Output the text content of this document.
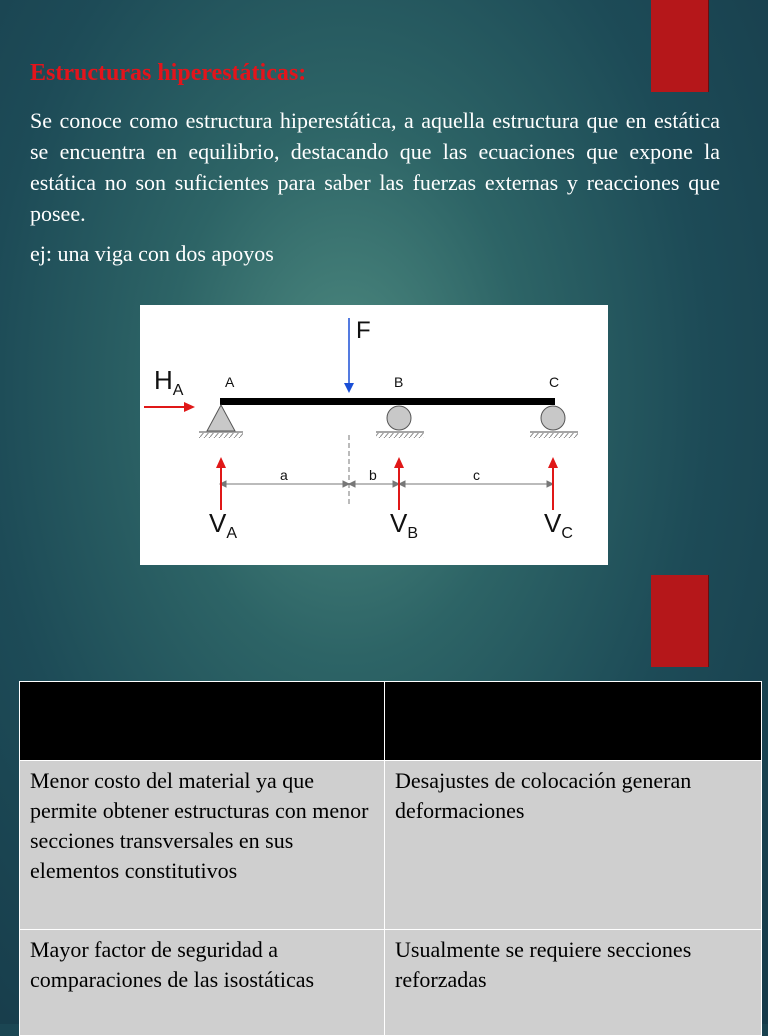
Estructuras hiperestáticas:

Se conoce como estructura hiperestática, a aquella estructura que en estática se encuentra en equilibrio, destacando que las ecuaciones que expone la estática no son suficientes para saber las fuerzas externas y reacciones que posee.

ej: una viga con dos apoyos

F
$H_A$	A	B	C
a	b	c
$V_A$	$V_B$	$V_C$

Menor costo del material ya que permite obtener estructuras con menor secciones transversales en sus elementos constitutivos	Desajustes de colocación generan deformaciones
Mayor factor de seguridad a comparaciones de las isostáticas	Usualmente se requiere secciones reforzadas
